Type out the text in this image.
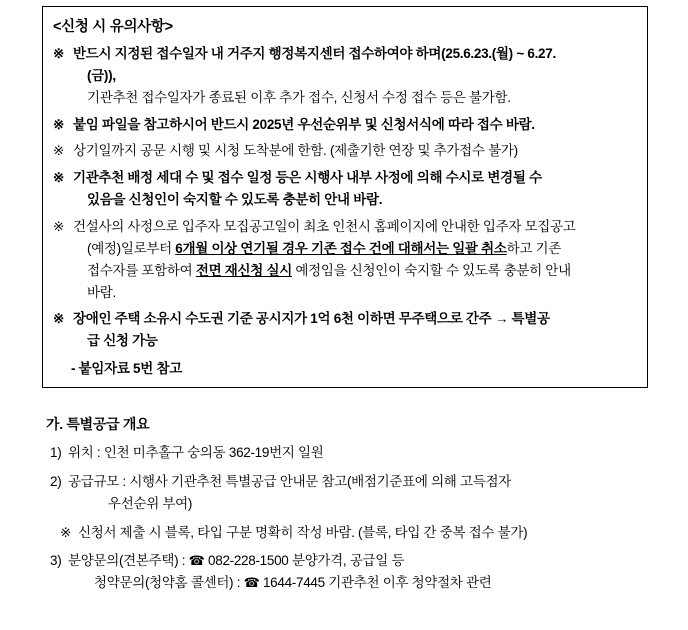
<신청 시 유의사항>
※ 반드시 지정된 접수일자 내 거주지 행정복지센터 접수하여야 하며(25.6.23.(월) ~ 6.27.
(금)),
기관추천 접수일자가 종료된 이후 추가 접수, 신청서 수정 접수 등은 불가함.
※ 붙임 파일을 참고하시어 반드시 2025년 우선순위부 및 신청서식에 따라 접수 바람.
※ 상기일까지 공문 시행 및 시청 도착분에 한함. (제출기한 연장 및 추가접수 불가)
※ 기관추천 배정 세대 수 및 접수 일정 등은 시행사 내부 사정에 의해 수시로 변경될 수
있음을 신청인이 숙지할 수 있도록 충분히 안내 바람.
※ 건설사의 사정으로 입주자 모집공고일이 최초 인천시 홈페이지에 안내한 입주자 모집공고
(예정)일로부터 6개월 이상 연기될 경우 기존 접수 건에 대해서는 일괄 취소하고 기존
접수자를 포함하여 전면 재신청 실시 예정임을 신청인이 숙지할 수 있도록 충분히 안내
바람.
※ 장애인 주택 소유시 수도권 기준 공시지가 1억 6천 이하면 무주택으로 간주 → 특별공
급 신청 가능
- 붙임자료 5번 참고
가. 특별공급 개요
1) 위치 : 인천 미추홀구 숭의동 362-19번지 일원
2) 공급규모 : 시행사 기관추천 특별공급 안내문 참고(배점기준표에 의해 고득점자
우선순위 부여)
※ 신청서 제출 시 블록, 타입 구분 명확히 작성 바람. (블록, 타입 간 중복 접수 불가)
3) 분양문의(견본주택) : ☎ 082-228-1500 분양가격, 공급일 등
청약문의(청약홈 콜센터) : ☎ 1644-7445 기관추천 이후 청약절차 관련
